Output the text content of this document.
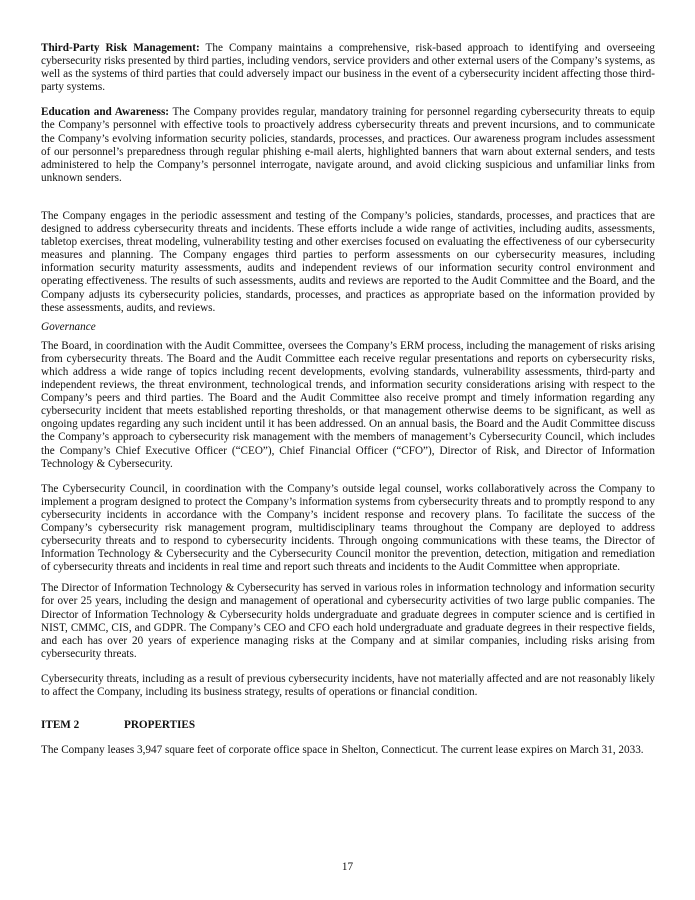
Third-Party Risk Management: The Company maintains a comprehensive, risk-based approach to identifying and overseeing cybersecurity risks presented by third parties, including vendors, service providers and other external users of the Company’s systems, as well as the systems of third parties that could adversely impact our business in the event of a cybersecurity incident affecting those third-party systems.

Education and Awareness: The Company provides regular, mandatory training for personnel regarding cybersecurity threats to equip the Company’s personnel with effective tools to proactively address cybersecurity threats and prevent incursions, and to communicate the Company’s evolving information security policies, standards, processes, and practices. Our awareness program includes assessment of our personnel’s preparedness through regular phishing e-mail alerts, highlighted banners that warn about external senders, and tests administered to help the Company’s personnel interrogate, navigate around, and avoid clicking suspicious and unfamiliar links from unknown senders.

The Company engages in the periodic assessment and testing of the Company’s policies, standards, processes, and practices that are designed to address cybersecurity threats and incidents. These efforts include a wide range of activities, including audits, assessments, tabletop exercises, threat modeling, vulnerability testing and other exercises focused on evaluating the effectiveness of our cybersecurity measures and planning. The Company engages third parties to perform assessments on our cybersecurity measures, including information security maturity assessments, audits and independent reviews of our information security control environment and operating effectiveness. The results of such assessments, audits and reviews are reported to the Audit Committee and the Board, and the Company adjusts its cybersecurity policies, standards, processes, and practices as appropriate based on the information provided by these assessments, audits, and reviews.

Governance

The Board, in coordination with the Audit Committee, oversees the Company’s ERM process, including the management of risks arising from cybersecurity threats. The Board and the Audit Committee each receive regular presentations and reports on cybersecurity risks, which address a wide range of topics including recent developments, evolving standards, vulnerability assessments, third-party and independent reviews, the threat environment, technological trends, and information security considerations arising with respect to the Company’s peers and third parties. The Board and the Audit Committee also receive prompt and timely information regarding any cybersecurity incident that meets established reporting thresholds, or that management otherwise deems to be significant, as well as ongoing updates regarding any such incident until it has been addressed. On an annual basis, the Board and the Audit Committee discuss the Company’s approach to cybersecurity risk management with the members of management’s Cybersecurity Council, which includes the Company’s Chief Executive Officer (“CEO”), Chief Financial Officer (“CFO”), Director of Risk, and Director of Information Technology & Cybersecurity.

The Cybersecurity Council, in coordination with the Company’s outside legal counsel, works collaboratively across the Company to implement a program designed to protect the Company’s information systems from cybersecurity threats and to promptly respond to any cybersecurity incidents in accordance with the Company’s incident response and recovery plans. To facilitate the success of the Company’s cybersecurity risk management program, multidisciplinary teams throughout the Company are deployed to address cybersecurity threats and to respond to cybersecurity incidents. Through ongoing communications with these teams, the Director of Information Technology & Cybersecurity and the Cybersecurity Council monitor the prevention, detection, mitigation and remediation of cybersecurity threats and incidents in real time and report such threats and incidents to the Audit Committee when appropriate.

The Director of Information Technology & Cybersecurity has served in various roles in information technology and information security for over 25 years, including the design and management of operational and cybersecurity activities of two large public companies. The Director of Information Technology & Cybersecurity holds undergraduate and graduate degrees in computer science and is certified in NIST, CMMC, CIS, and GDPR. The Company’s CEO and CFO each hold undergraduate and graduate degrees in their respective fields, and each has over 20 years of experience managing risks at the Company and at similar companies, including risks arising from cybersecurity threats.

Cybersecurity threats, including as a result of previous cybersecurity incidents, have not materially affected and are not reasonably likely to affect the Company, including its business strategy, results of operations or financial condition.

ITEM 2	PROPERTIES

The Company leases 3,947 square feet of corporate office space in Shelton, Connecticut. The current lease expires on March 31, 2033.

17
